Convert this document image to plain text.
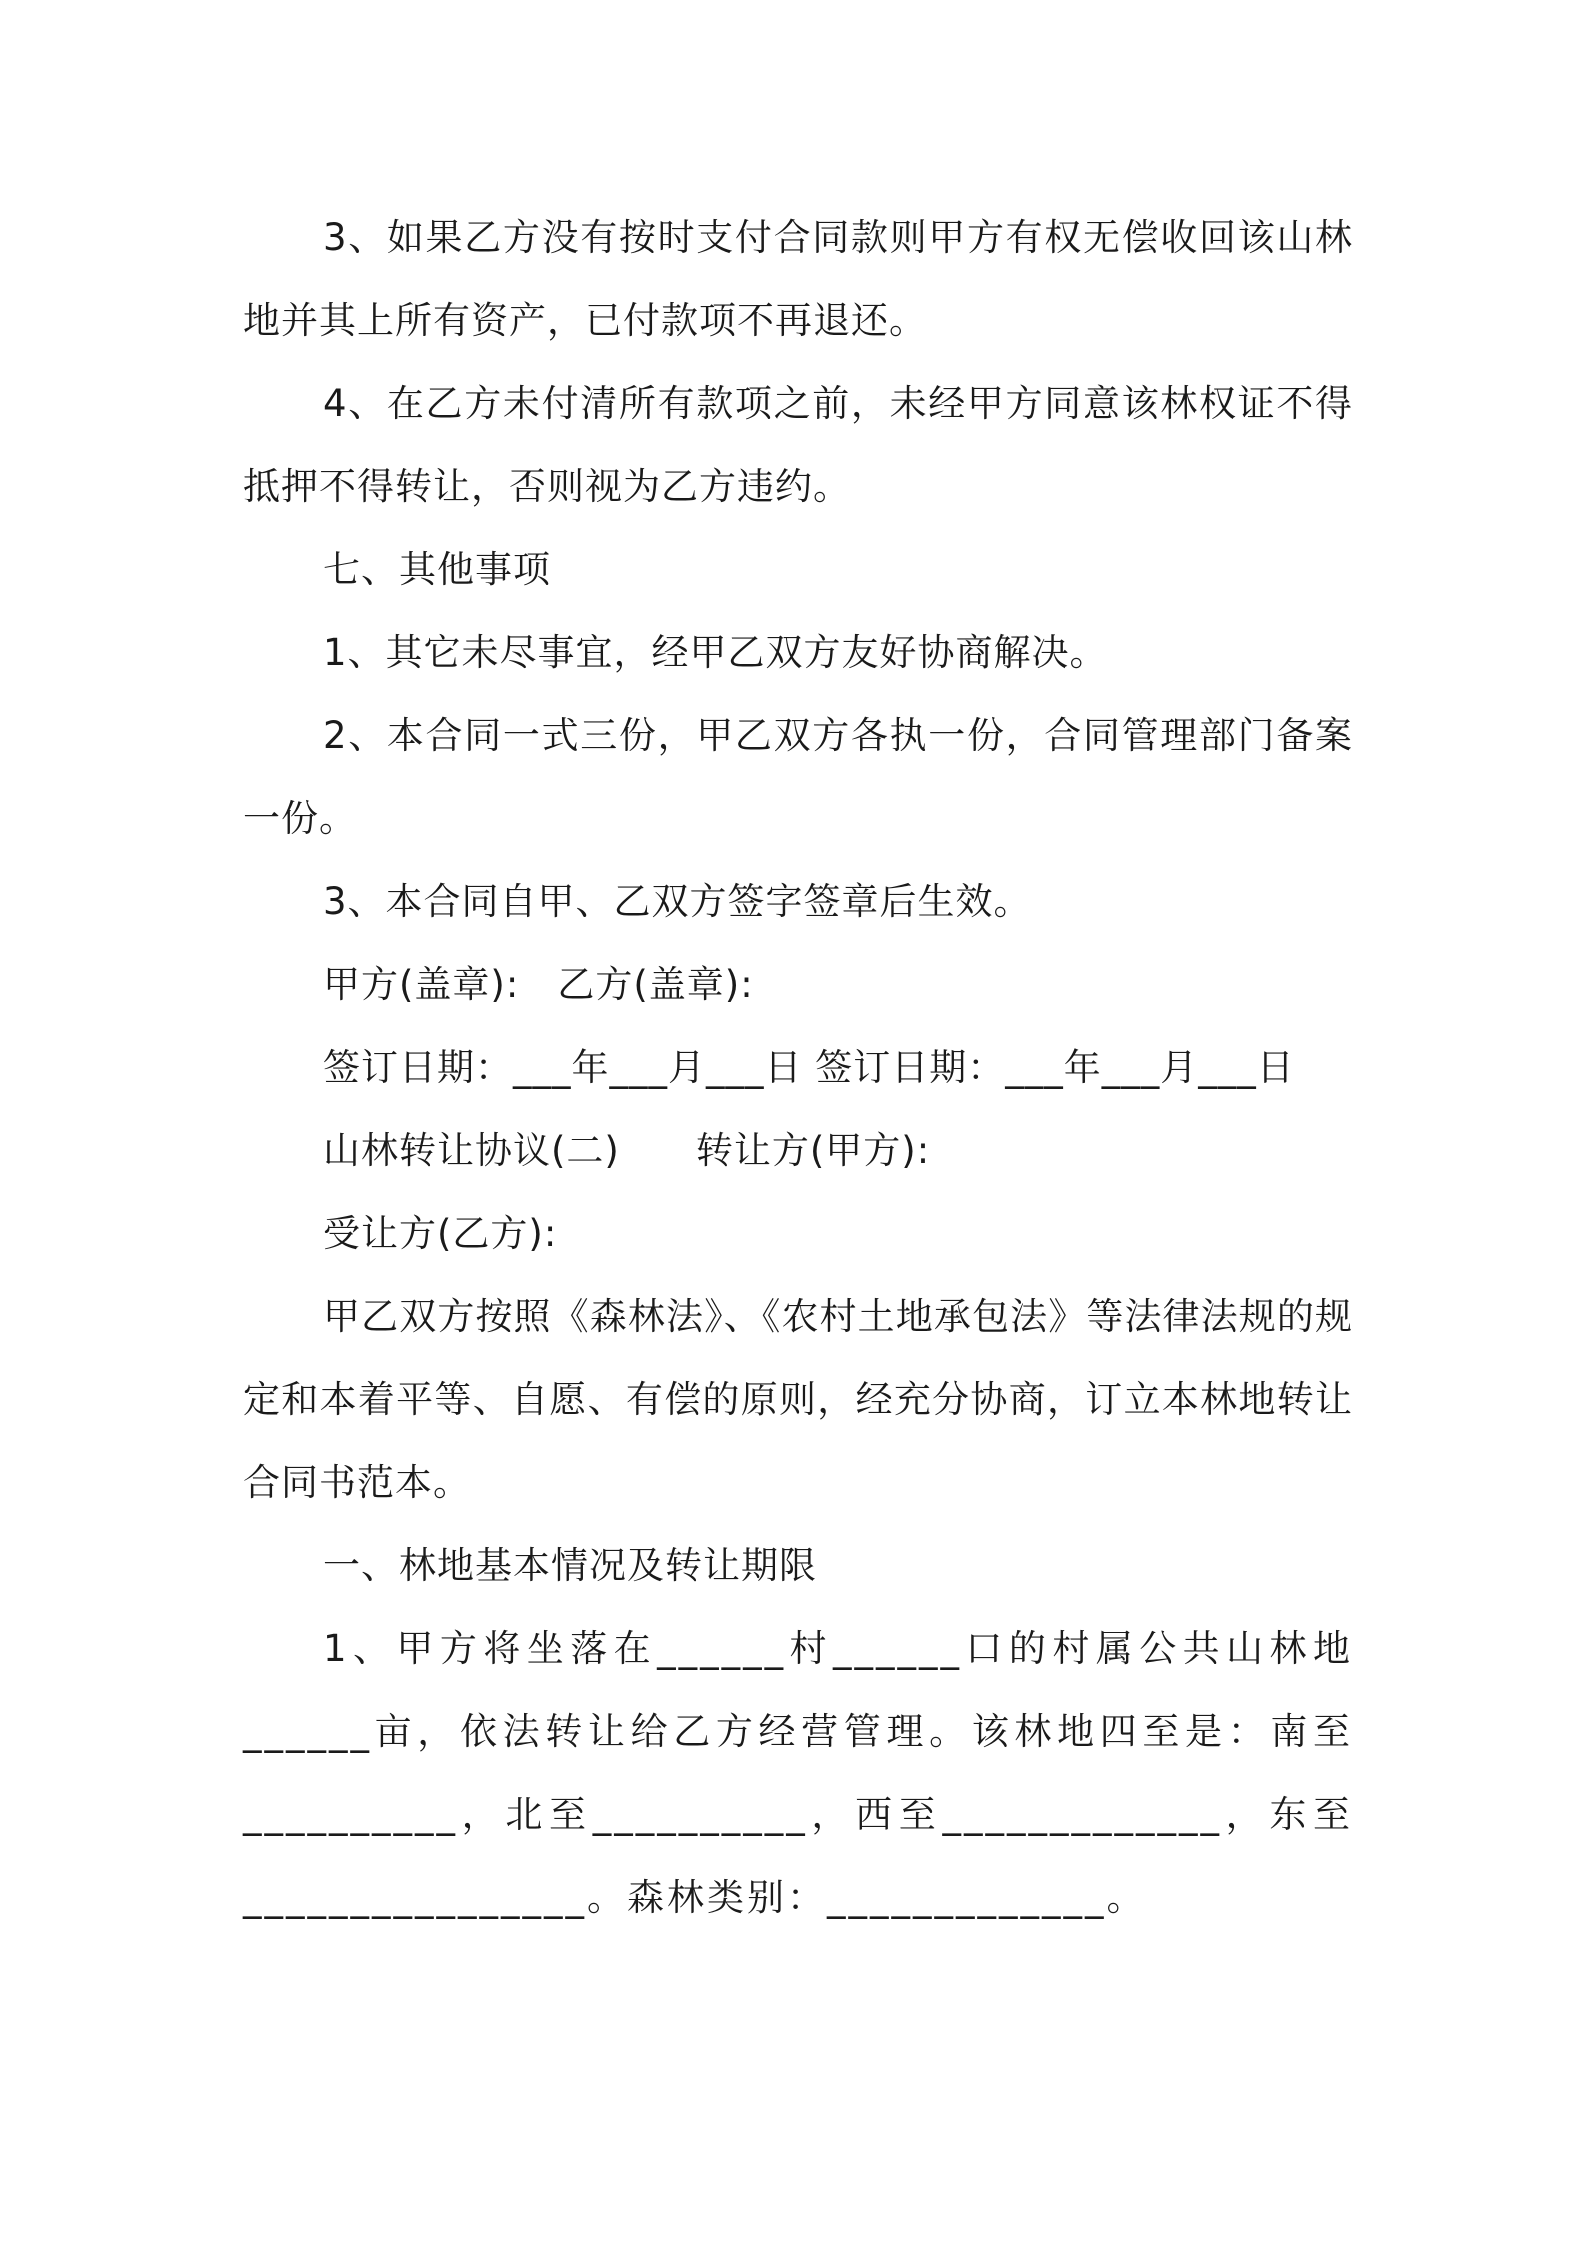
3、如果乙方没有按时支付合同款则甲方有权无偿收回该山林地并其上所有资产，已付款项不再退还。

4、在乙方未付清所有款项之前，未经甲方同意该林权证不得抵押不得转让，否则视为乙方违约。

七、其他事项

1、其它未尽事宜，经甲乙双方友好协商解决。

2、本合同一式三份，甲乙双方各执一份，合同管理部门备案一份。

3、本合同自甲、乙双方签字签章后生效。

甲方(盖章):　乙方(盖章):

签订日期：___年___月___日 签订日期：___年___月___日

山林转让协议(二)　　转让方(甲方):

受让方(乙方):

甲乙双方按照《森林法》、《农村土地承包法》等法律法规的规定和本着平等、自愿、有偿的原则，经充分协商，订立本林地转让合同书范本。

一、林地基本情况及转让期限

1、甲方将坐落在______村______口的村属公共山林地______亩，依法转让给乙方经营管理。该林地四至是：南至__________，北至__________，西至_____________，东至________________。森林类别：_____________。
